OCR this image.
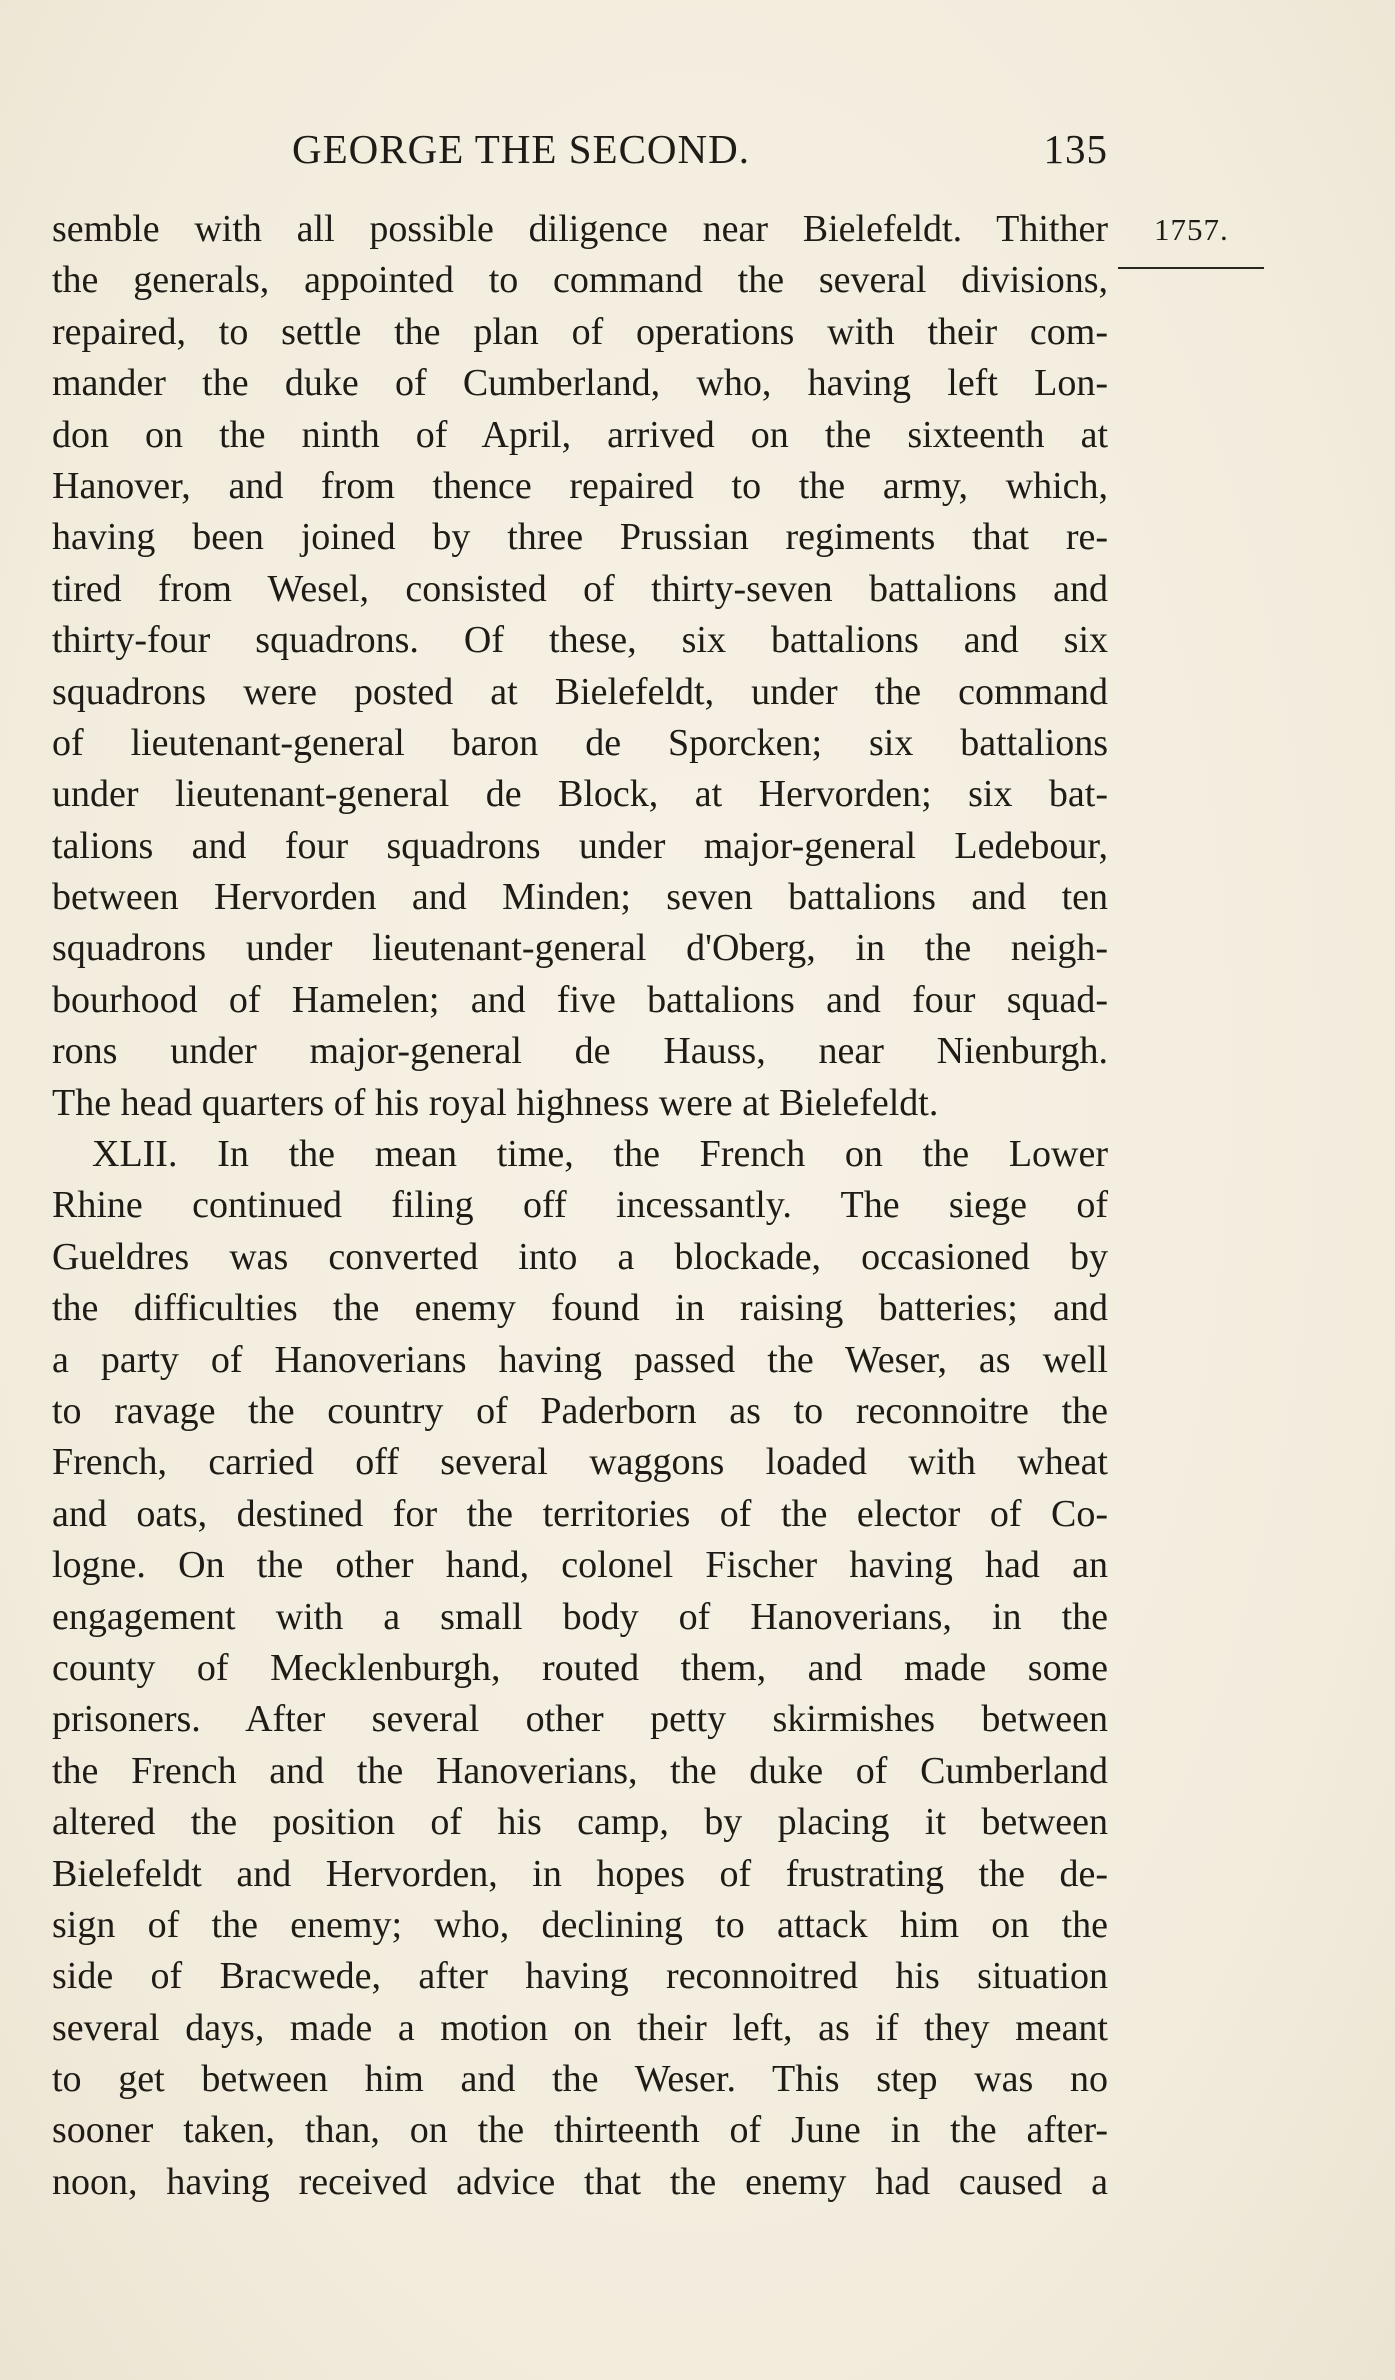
GEORGE THE SECOND.	135
1757.
semble with all possible diligence near Bielefeldt. Thither
the generals, appointed to command the several divisions,
repaired, to settle the plan of operations with their com-
mander the duke of Cumberland, who, having left Lon-
don on the ninth of April, arrived on the sixteenth at
Hanover, and from thence repaired to the army, which,
having been joined by three Prussian regiments that re-
tired from Wesel, consisted of thirty-seven battalions and
thirty-four squadrons. Of these, six battalions and six
squadrons were posted at Bielefeldt, under the command
of lieutenant-general baron de Sporcken; six battalions
under lieutenant-general de Block, at Hervorden; six bat-
talions and four squadrons under major-general Ledebour,
between Hervorden and Minden; seven battalions and ten
squadrons under lieutenant-general d'Oberg, in the neigh-
bourhood of Hamelen; and five battalions and four squad-
rons under major-general de Hauss, near Nienburgh.
The head quarters of his royal highness were at Bielefeldt.
XLII. In the mean time, the French on the Lower
Rhine continued filing off incessantly. The siege of
Gueldres was converted into a blockade, occasioned by
the difficulties the enemy found in raising batteries; and
a party of Hanoverians having passed the Weser, as well
to ravage the country of Paderborn as to reconnoitre the
French, carried off several waggons loaded with wheat
and oats, destined for the territories of the elector of Co-
logne. On the other hand, colonel Fischer having had an
engagement with a small body of Hanoverians, in the
county of Mecklenburgh, routed them, and made some
prisoners. After several other petty skirmishes between
the French and the Hanoverians, the duke of Cumberland
altered the position of his camp, by placing it between
Bielefeldt and Hervorden, in hopes of frustrating the de-
sign of the enemy; who, declining to attack him on the
side of Bracwede, after having reconnoitred his situation
several days, made a motion on their left, as if they meant
to get between him and the Weser. This step was no
sooner taken, than, on the thirteenth of June in the after-
noon, having received advice that the enemy had caused a
